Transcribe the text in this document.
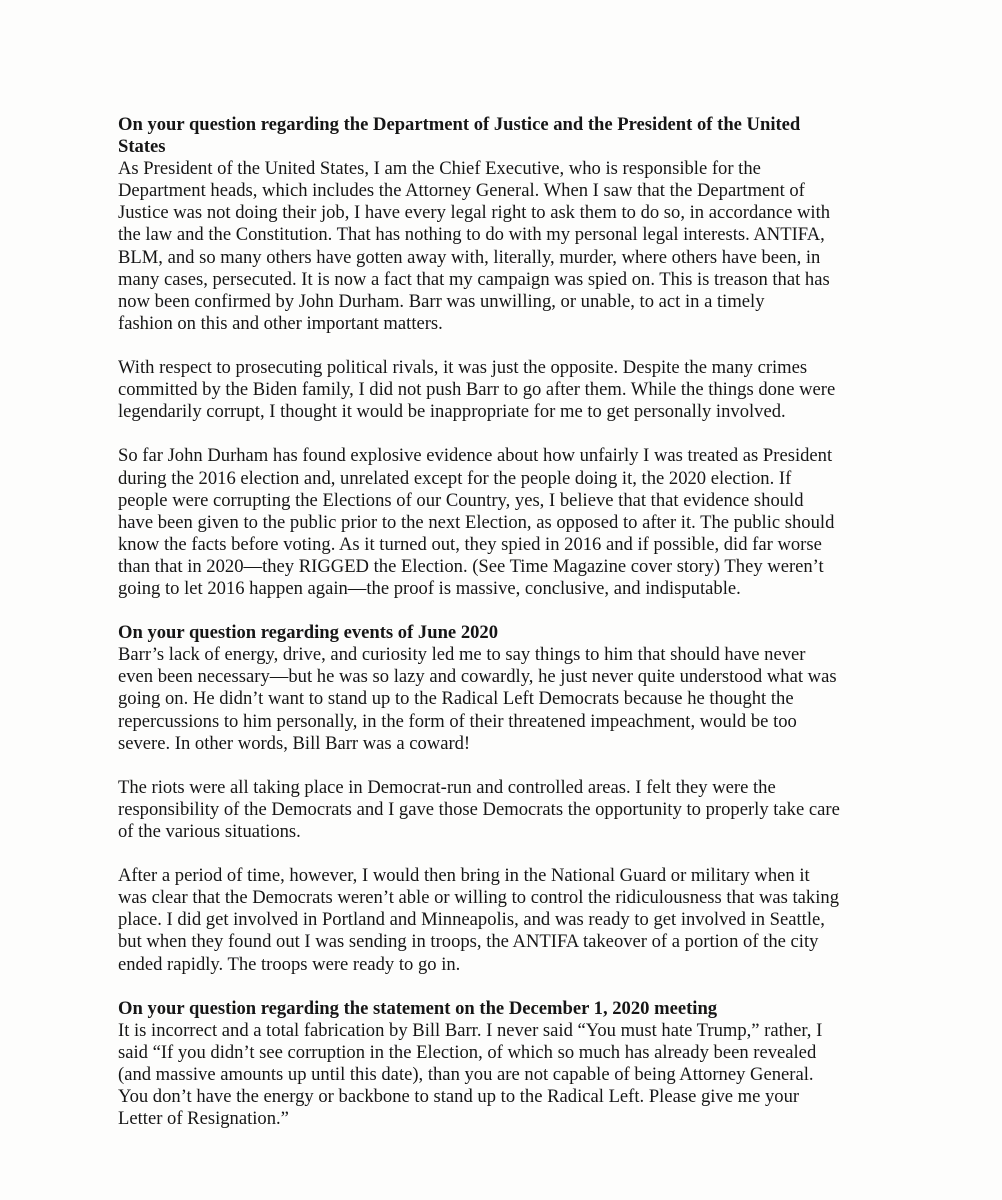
On your question regarding the Department of Justice and the President of the United
States
As President of the United States, I am the Chief Executive, who is responsible for the
Department heads, which includes the Attorney General. When I saw that the Department of
Justice was not doing their job, I have every legal right to ask them to do so, in accordance with
the law and the Constitution. That has nothing to do with my personal legal interests. ANTIFA,
BLM, and so many others have gotten away with, literally, murder, where others have been, in
many cases, persecuted. It is now a fact that my campaign was spied on. This is treason that has
now been confirmed by John Durham. Barr was unwilling, or unable, to act in a timely
fashion on this and other important matters.
With respect to prosecuting political rivals, it was just the opposite. Despite the many crimes
committed by the Biden family, I did not push Barr to go after them. While the things done were
legendarily corrupt, I thought it would be inappropriate for me to get personally involved.
So far John Durham has found explosive evidence about how unfairly I was treated as President
during the 2016 election and, unrelated except for the people doing it, the 2020 election. If
people were corrupting the Elections of our Country, yes, I believe that that evidence should
have been given to the public prior to the next Election, as opposed to after it. The public should
know the facts before voting. As it turned out, they spied in 2016 and if possible, did far worse
than that in 2020—they RIGGED the Election. (See Time Magazine cover story) They weren’t
going to let 2016 happen again—the proof is massive, conclusive, and indisputable.
On your question regarding events of June 2020
Barr’s lack of energy, drive, and curiosity led me to say things to him that should have never
even been necessary—but he was so lazy and cowardly, he just never quite understood what was
going on. He didn’t want to stand up to the Radical Left Democrats because he thought the
repercussions to him personally, in the form of their threatened impeachment, would be too
severe. In other words, Bill Barr was a coward!
The riots were all taking place in Democrat-run and controlled areas. I felt they were the
responsibility of the Democrats and I gave those Democrats the opportunity to properly take care
of the various situations.
After a period of time, however, I would then bring in the National Guard or military when it
was clear that the Democrats weren’t able or willing to control the ridiculousness that was taking
place. I did get involved in Portland and Minneapolis, and was ready to get involved in Seattle,
but when they found out I was sending in troops, the ANTIFA takeover of a portion of the city
ended rapidly. The troops were ready to go in.
On your question regarding the statement on the December 1, 2020 meeting
It is incorrect and a total fabrication by Bill Barr. I never said “You must hate Trump,” rather, I
said “If you didn’t see corruption in the Election, of which so much has already been revealed
(and massive amounts up until this date), than you are not capable of being Attorney General.
You don’t have the energy or backbone to stand up to the Radical Left. Please give me your
Letter of Resignation.”
